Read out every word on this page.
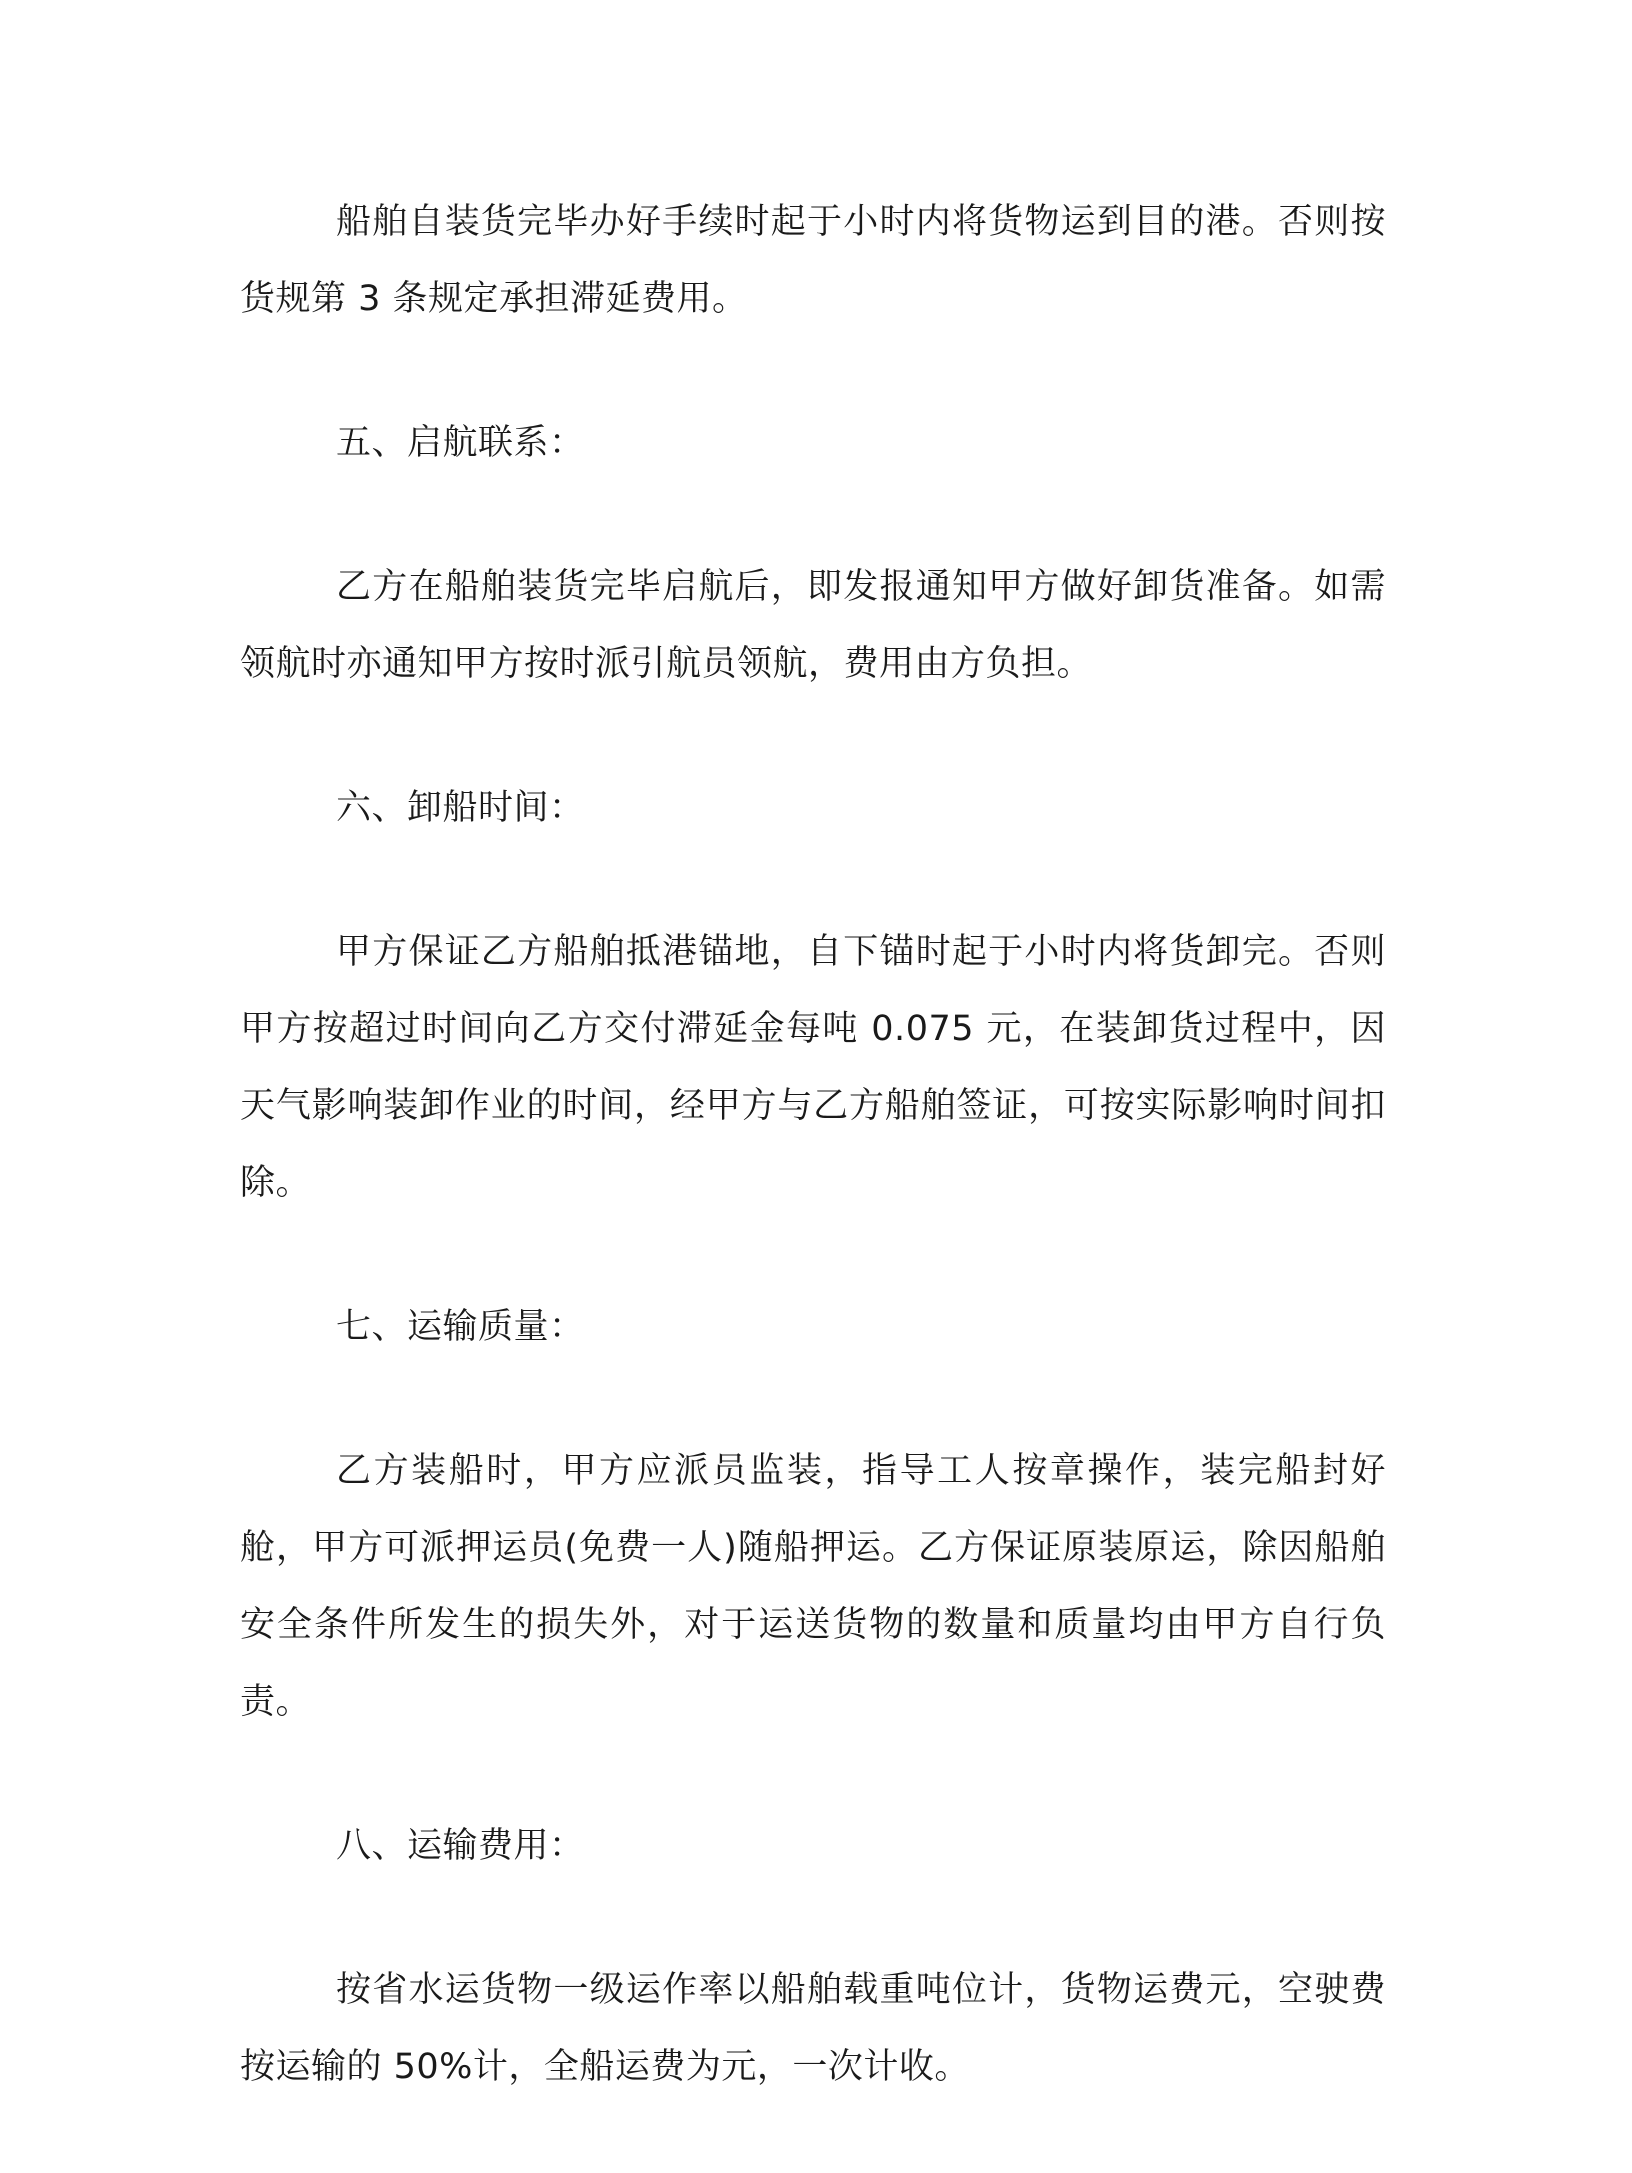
船舶自装货完毕办好手续时起于小时内将货物运到目的港。否则按货规第 3 条规定承担滞延费用。

五、启航联系：

乙方在船舶装货完毕启航后，即发报通知甲方做好卸货准备。如需领航时亦通知甲方按时派引航员领航，费用由方负担。

六、卸船时间：

甲方保证乙方船舶抵港锚地，自下锚时起于小时内将货卸完。否则甲方按超过时间向乙方交付滞延金每吨 0.075 元，在装卸货过程中，因天气影响装卸作业的时间，经甲方与乙方船舶签证，可按实际影响时间扣除。

七、运输质量：

乙方装船时，甲方应派员监装，指导工人按章操作，装完船封好舱，甲方可派押运员(免费一人)随船押运。乙方保证原装原运，除因船舶安全条件所发生的损失外，对于运送货物的数量和质量均由甲方自行负责。

八、运输费用：

按省水运货物一级运作率以船舶载重吨位计，货物运费元，空驶费按运输的 50%计，全船运费为元，一次计收。
